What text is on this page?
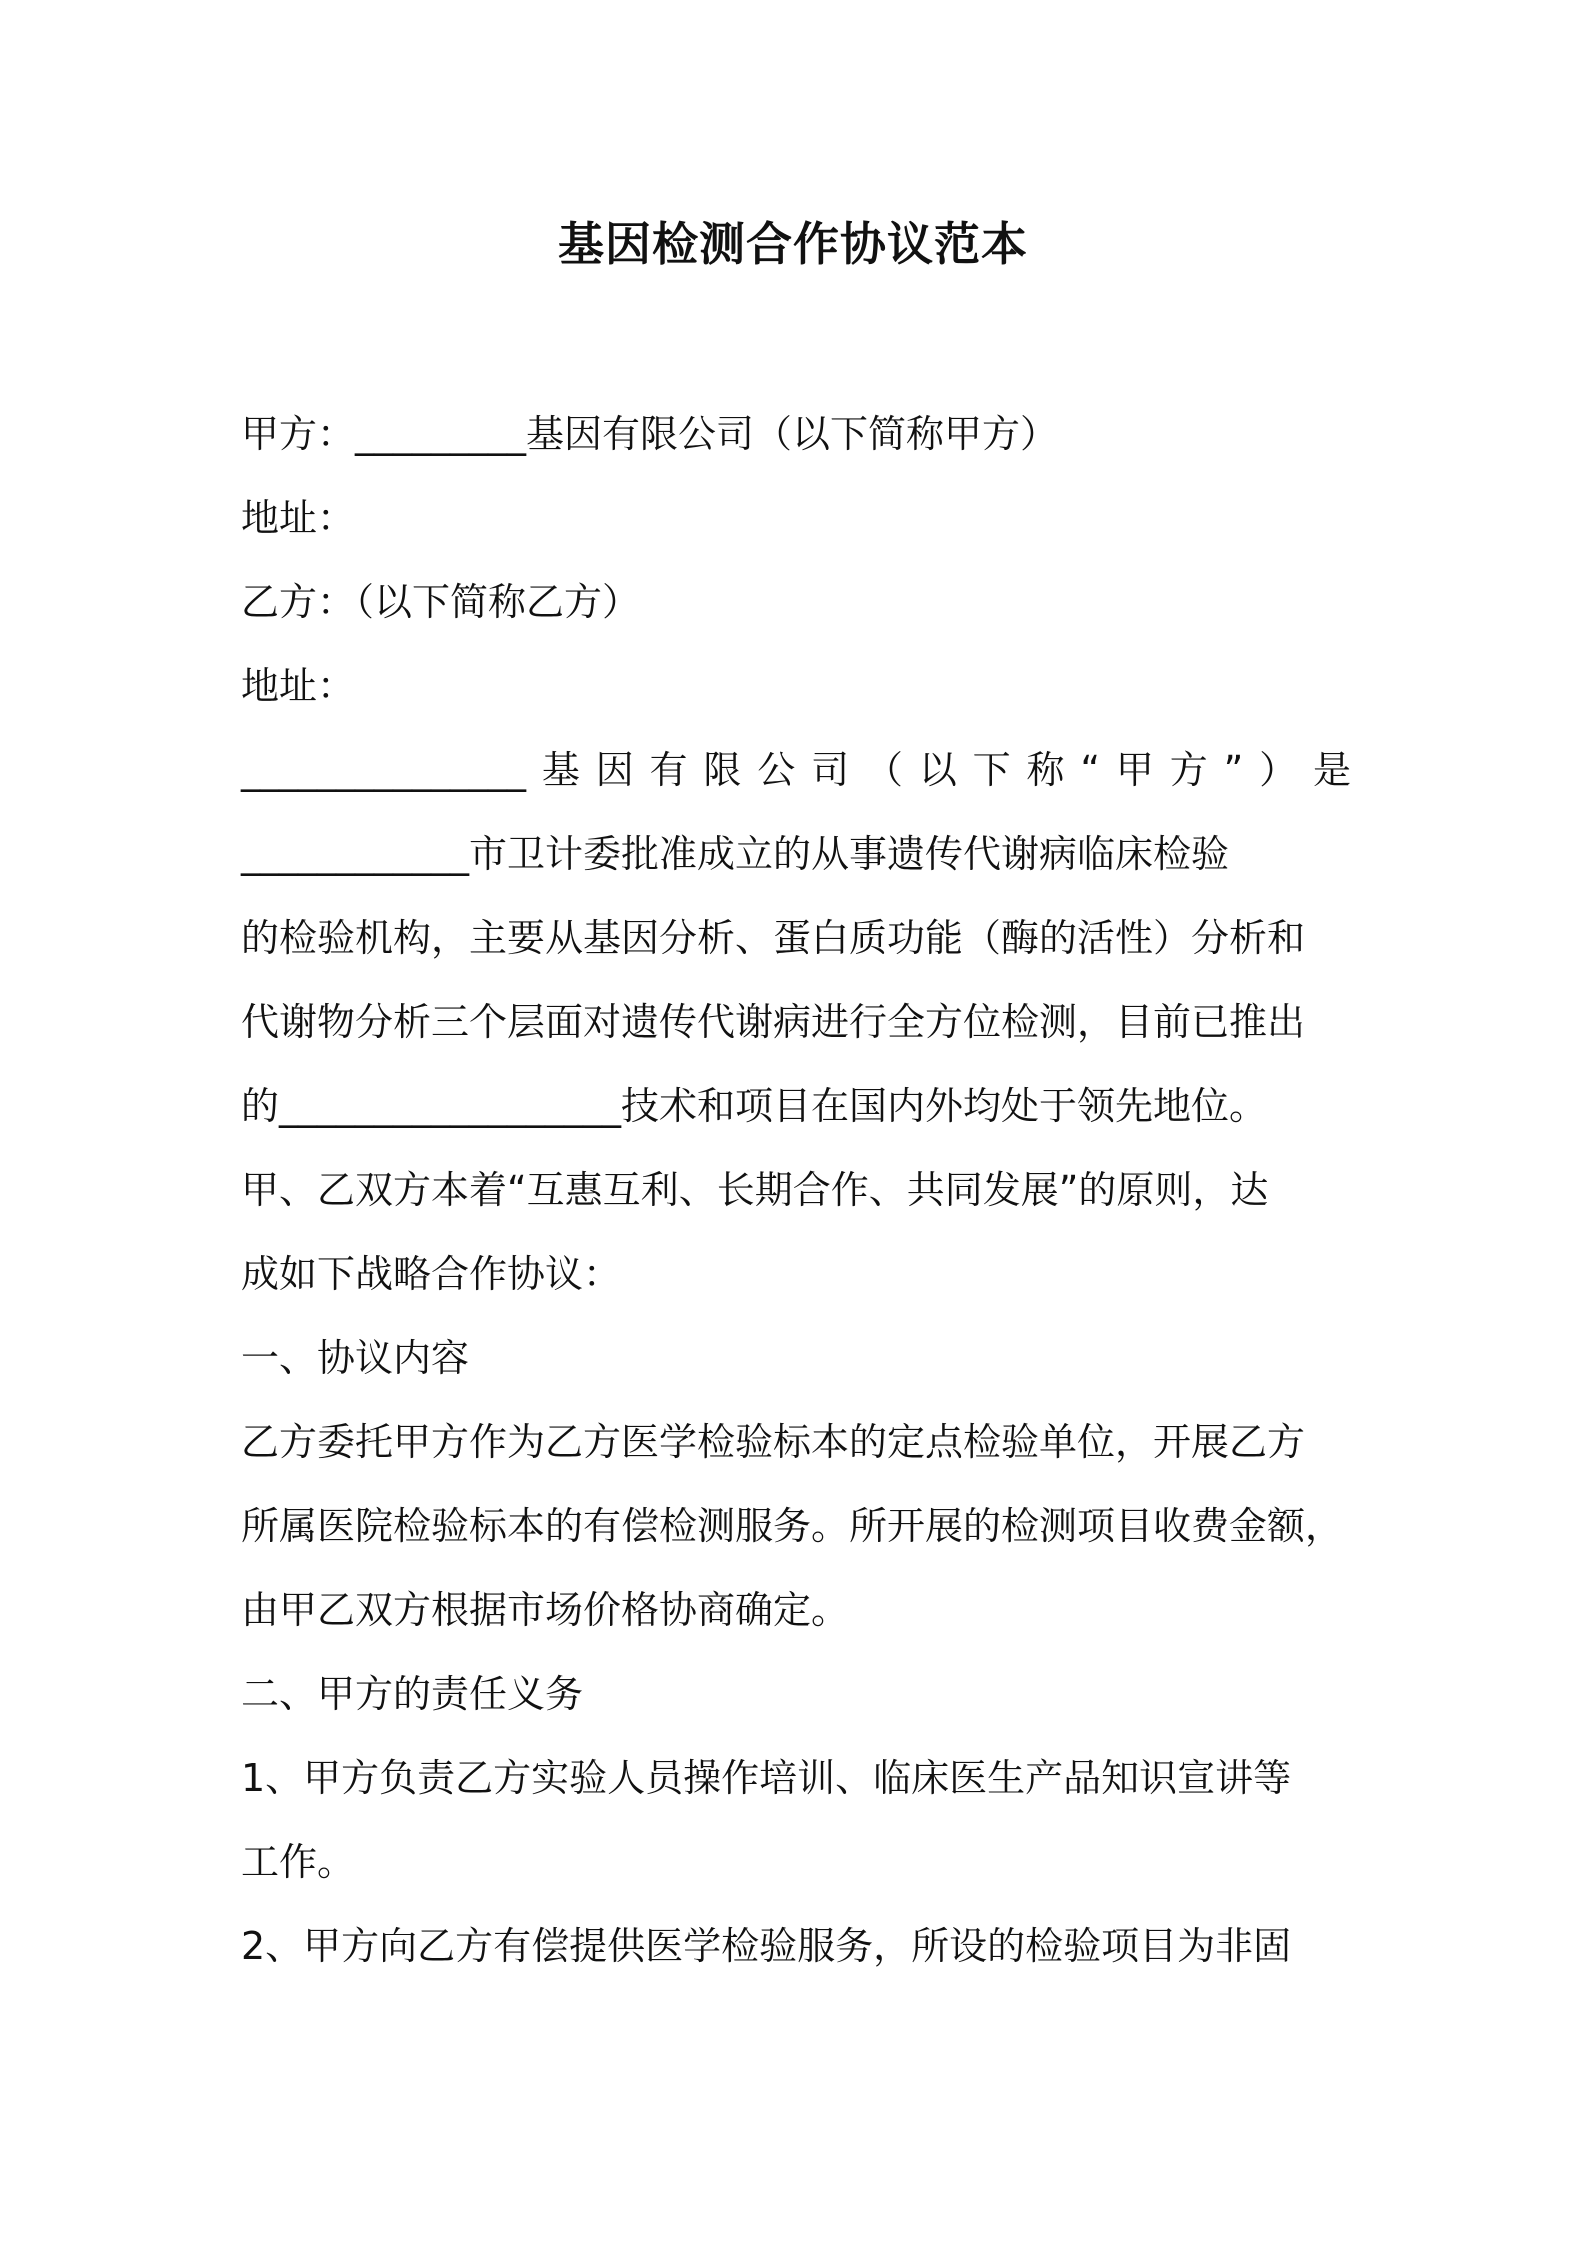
基因检测合作协议范本
甲方：_________基因有限公司（以下简称甲方）
地址：
乙方：（以下简称乙方）
地址：
_______________基因有限公司（以下称“甲方”）是
____________市卫计委批准成立的从事遗传代谢病临床检验
的检验机构，主要从基因分析、蛋白质功能（酶的活性）分析和
代谢物分析三个层面对遗传代谢病进行全方位检测，目前已推出
的__________________技术和项目在国内外均处于领先地位。
甲、乙双方本着“互惠互利、长期合作、共同发展”的原则，达
成如下战略合作协议：
一、协议内容
乙方委托甲方作为乙方医学检验标本的定点检验单位，开展乙方
所属医院检验标本的有偿检测服务。所开展的检测项目收费金额，
由甲乙双方根据市场价格协商确定。
二、甲方的责任义务
1、甲方负责乙方实验人员操作培训、临床医生产品知识宣讲等
工作。
2、甲方向乙方有偿提供医学检验服务，所设的检验项目为非固
